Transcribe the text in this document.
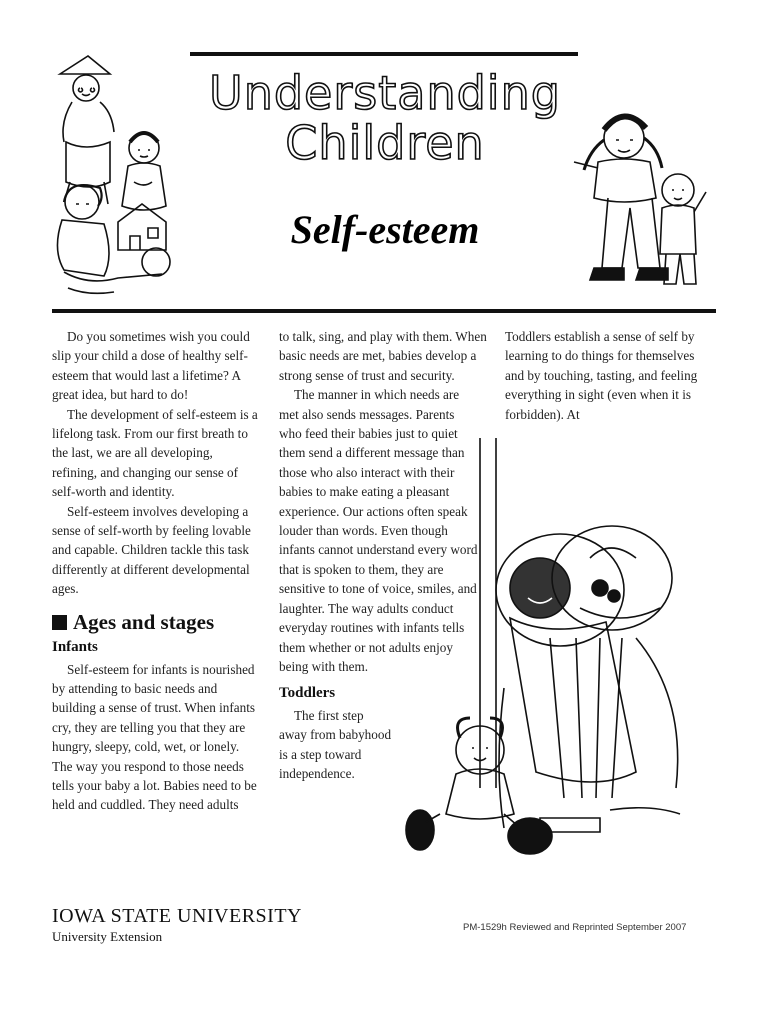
Understanding
Children
Self-esteem

Do you sometimes wish you could slip your child a dose of healthy self-esteem that would last a lifetime? A great idea, but hard to do!

The development of self-esteem is a lifelong task. From our first breath to the last, we are all developing, refining, and changing our sense of self-worth and identity.

Self-esteem involves developing a sense of self-worth by feeling lovable and capable. Children tackle this task differently at different developmental ages.

Ages and stages
Infants

Self-esteem for infants is nourished by attending to basic needs and building a sense of trust. When infants cry, they are telling you that they are hungry, sleepy, cold, wet, or lonely. The way you respond to those needs tells your baby a lot. Babies need to be held and cuddled. They need adults

to talk, sing, and play with them. When basic needs are met, babies develop a strong sense of trust and security.

The manner in which needs are met also sends messages. Parents who feed their babies just to quiet them send a different message than those who also interact with their babies to make eating a pleasant experience. Our actions often speak louder than words. Even though infants cannot understand every word that is spoken to them, they are sensitive to tone of voice, smiles, and laughter. The way adults conduct everyday routines with infants tells them whether or not adults enjoy being with them.

Toddlers

The first step away from babyhood is a step toward independence.

Toddlers establish a sense of self by learning to do things for themselves and by touching, tasting, and feeling everything in sight (even when it is forbidden). At

IOWA STATE UNIVERSITY
University Extension
PM-1529h Reviewed and Reprinted September 2007
